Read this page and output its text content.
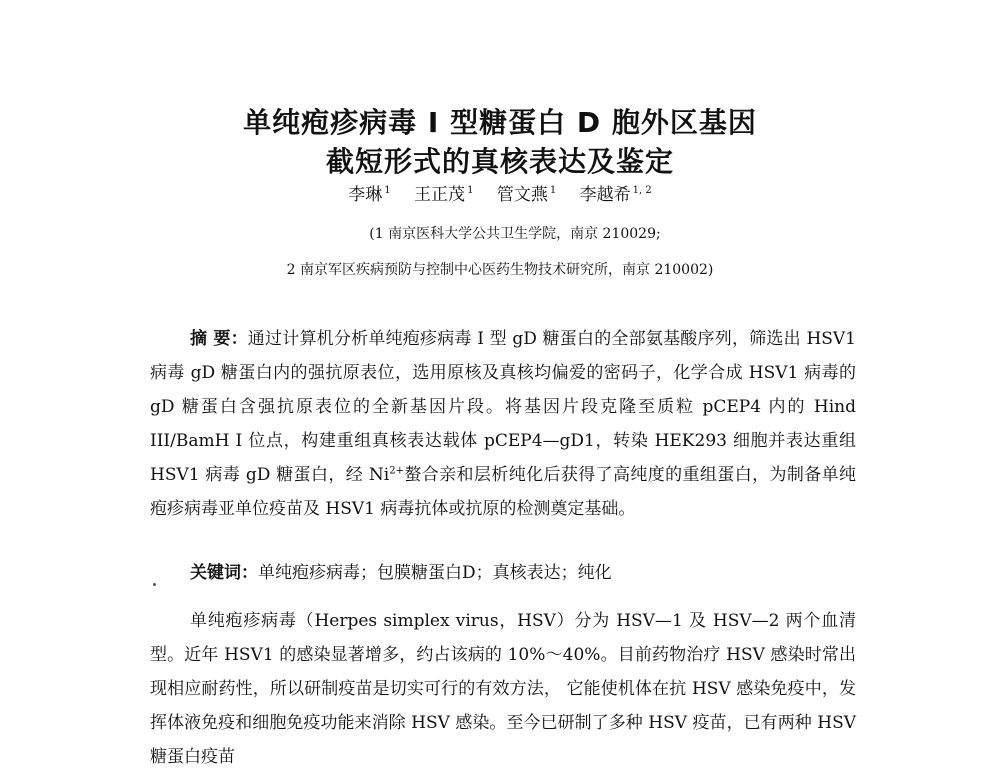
单纯疱疹病毒 I 型糖蛋白 D 胞外区基因
截短形式的真核表达及鉴定
李琳 $^1$ 王正茂 $^1$ 管文燕 $^1$ 李越希 $^{1, 2}$
(1 南京医科大学公共卫生学院，南京 210029;
2 南京军区疾病预防与控制中心医药生物技术研究所，南京 210002)

摘 要：通过计算机分析单纯疱疹病毒 I 型 gD 糖蛋白的全部氨基酸序列，筛选出 HSV1 病毒 gD 糖蛋白内的强抗原表位，选用原核及真核均偏爱的密码子，化学合成 HSV1 病毒的 gD 糖蛋白含强抗原表位的全新基因片段。将基因片段克隆至质粒 pCEP4 内的 Hind III/BamH I 位点，构建重组真核表达载体 pCEP4—gD1，转染 HEK293 细胞并表达重组 HSV1 病毒 gD 糖蛋白，经 $Ni^{2+}$螯合亲和层析纯化后获得了高纯度的重组蛋白，为制备单纯疱疹病毒亚单位疫苗及 HSV1 病毒抗体或抗原的检测奠定基础。

关键词：单纯疱疹病毒；包膜糖蛋白D；真核表达；纯化

单纯疱疹病毒（Herpes simplex virus，HSV）分为 HSV—1 及 HSV—2 两个血清型。近年 HSV1 的感染显著增多，约占该病的 10%～40%。目前药物治疗 HSV 感染时常出现相应耐药性，所以研制疫苗是切实可行的有效方法， 它能使机体在抗 HSV 感染免疫中，发挥体液免疫和细胞免疫功能来消除 HSV 感染。至今已研制了多种 HSV 疫苗，已有两种 HSV 糖蛋白疫苗
